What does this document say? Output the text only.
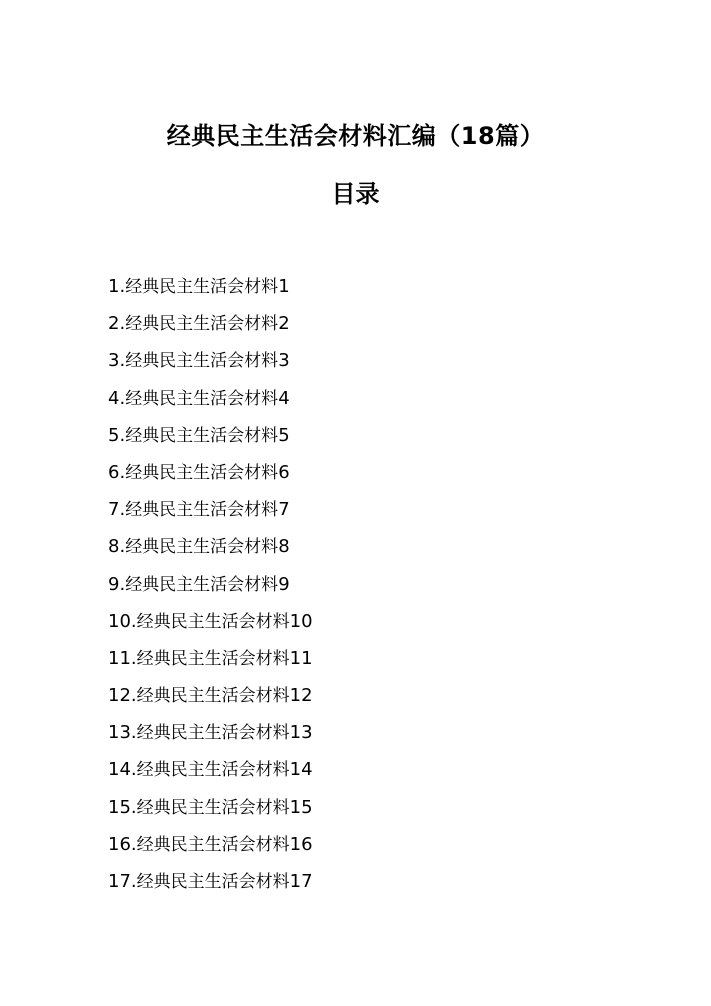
经典民主生活会材料汇编（18篇）
目录
1.经典民主生活会材料1
2.经典民主生活会材料2
3.经典民主生活会材料3
4.经典民主生活会材料4
5.经典民主生活会材料5
6.经典民主生活会材料6
7.经典民主生活会材料7
8.经典民主生活会材料8
9.经典民主生活会材料9
10.经典民主生活会材料10
11.经典民主生活会材料11
12.经典民主生活会材料12
13.经典民主生活会材料13
14.经典民主生活会材料14
15.经典民主生活会材料15
16.经典民主生活会材料16
17.经典民主生活会材料17
